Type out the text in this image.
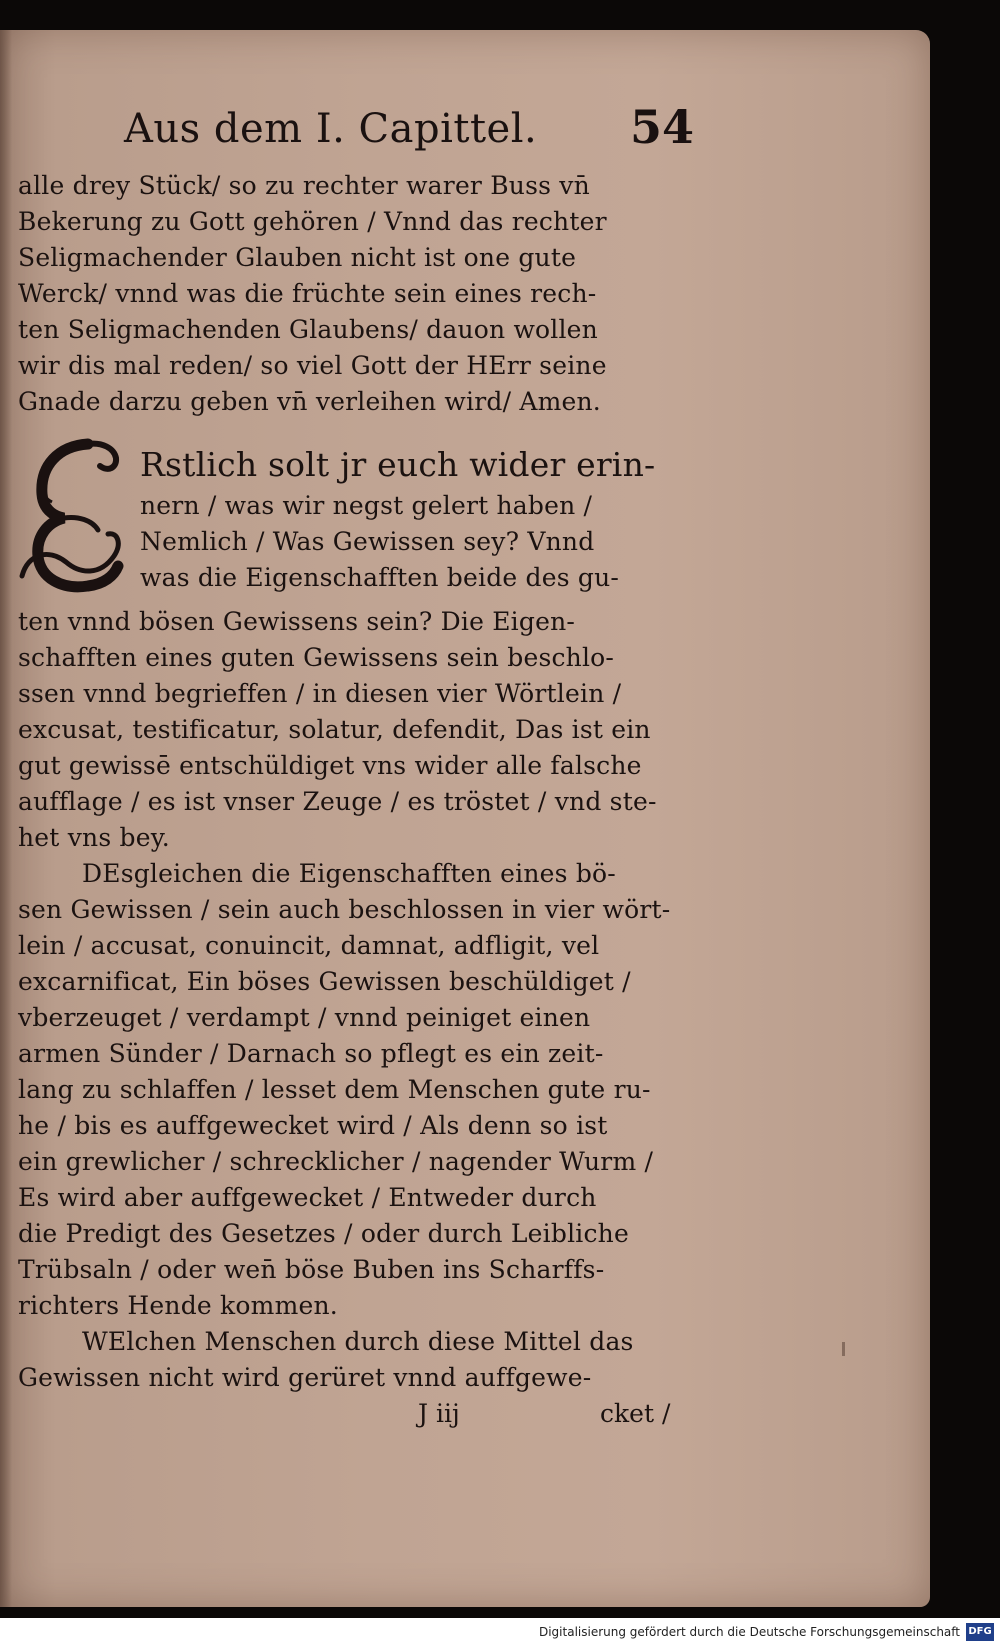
Aus dem I. Capittel. 54
alle drey Stück/ so zu rechter warer Buss vn̄
Bekerung zu Gott gehören / Vnnd das rechter
Seligmachender Glauben nicht ist one gute
Werck/ vnnd was die früchte sein eines rech-
ten Seligmachenden Glaubens/ dauon wollen
wir dis mal reden/ so viel Gott der HErr seine
Gnade darzu geben vn̄ verleihen wird/ Amen.
Rstlich solt jr euch wider erin-
nern / was wir negst gelert haben /
Nemlich / Was Gewissen sey? Vnnd
was die Eigenschafften beide des gu-
ten vnnd bösen Gewissens sein? Die Eigen-
schafften eines guten Gewissens sein beschlo-
ssen vnnd begrieffen / in diesen vier Wörtlein /
excusat, testificatur, solatur, defendit, Das ist ein
gut gewissē entschüldiget vns wider alle falsche
aufflage / es ist vnser Zeuge / es tröstet / vnd ste-
het vns bey.
DEsgleichen die Eigenschafften eines bö-
sen Gewissen / sein auch beschlossen in vier wört-
lein / accusat, conuincit, damnat, adfligit, vel
excarnificat, Ein böses Gewissen beschüldiget /
vberzeuget / verdampt / vnnd peiniget einen
armen Sünder / Darnach so pflegt es ein zeit-
lang zu schlaffen / lesset dem Menschen gute ru-
he / bis es auffgewecket wird / Als denn so ist
ein grewlicher / schrecklicher / nagender Wurm /
Es wird aber auffgewecket / Entweder durch
die Predigt des Gesetzes / oder durch Leibliche
Trübsaln / oder wen̄ böse Buben ins Scharffs-
richters Hende kommen.
WElchen Menschen durch diese Mittel das
Gewissen nicht wird gerüret vnnd auffgewe-
J iij	cket /
Digitalisierung gefördert durch die Deutsche Forschungsgemeinschaft DFG
